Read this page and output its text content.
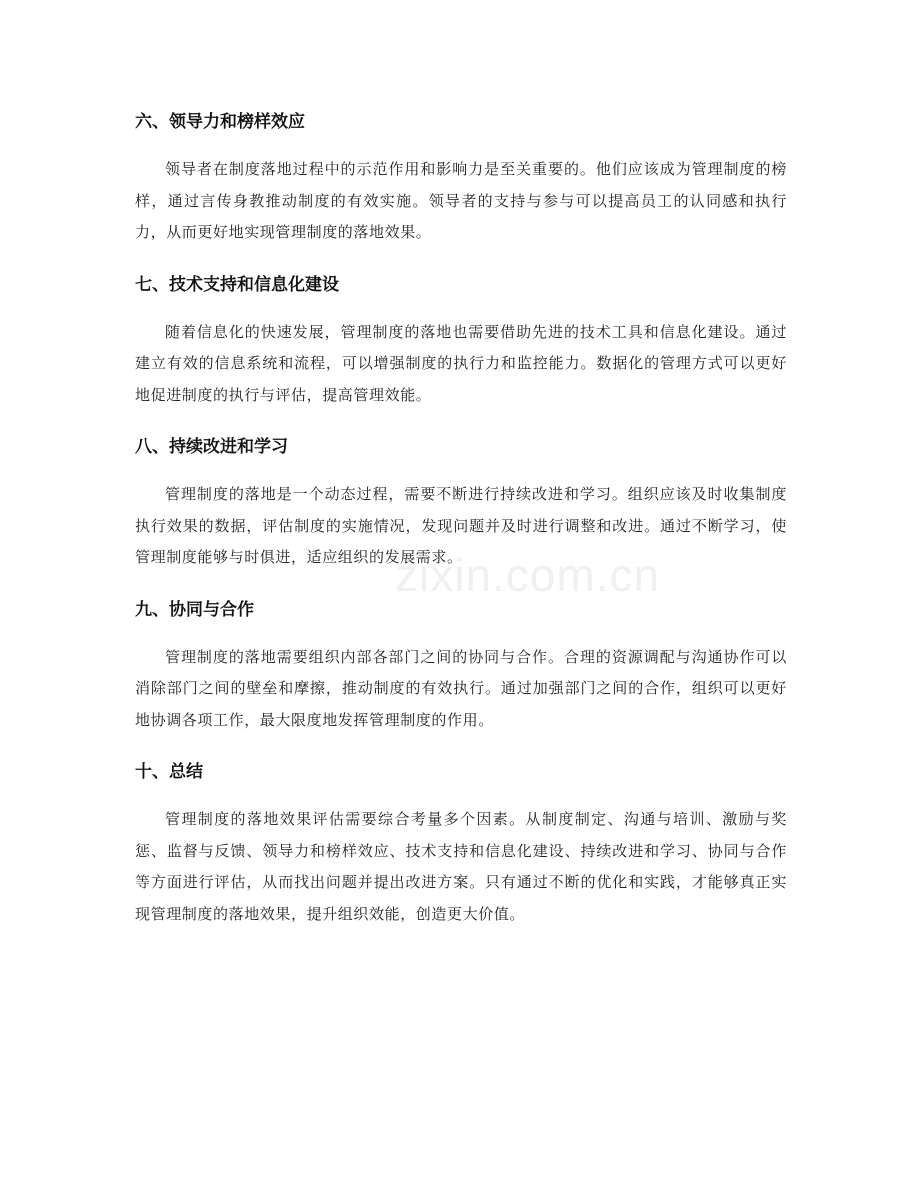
六、领导力和榜样效应

领导者在制度落地过程中的示范作用和影响力是至关重要的。他们应该成为管理制度的榜样，通过言传身教推动制度的有效实施。领导者的支持与参与可以提高员工的认同感和执行力，从而更好地实现管理制度的落地效果。

七、技术支持和信息化建设

随着信息化的快速发展，管理制度的落地也需要借助先进的技术工具和信息化建设。通过建立有效的信息系统和流程，可以增强制度的执行力和监控能力。数据化的管理方式可以更好地促进制度的执行与评估，提高管理效能。

八、持续改进和学习

管理制度的落地是一个动态过程，需要不断进行持续改进和学习。组织应该及时收集制度执行效果的数据，评估制度的实施情况，发现问题并及时进行调整和改进。通过不断学习，使管理制度能够与时俱进，适应组织的发展需求。

九、协同与合作

管理制度的落地需要组织内部各部门之间的协同与合作。合理的资源调配与沟通协作可以消除部门之间的壁垒和摩擦，推动制度的有效执行。通过加强部门之间的合作，组织可以更好地协调各项工作，最大限度地发挥管理制度的作用。

十、总结

管理制度的落地效果评估需要综合考量多个因素。从制度制定、沟通与培训、激励与奖惩、监督与反馈、领导力和榜样效应、技术支持和信息化建设、持续改进和学习、协同与合作等方面进行评估，从而找出问题并提出改进方案。只有通过不断的优化和实践，才能够真正实现管理制度的落地效果，提升组织效能，创造更大价值。

zixin.com.cn
